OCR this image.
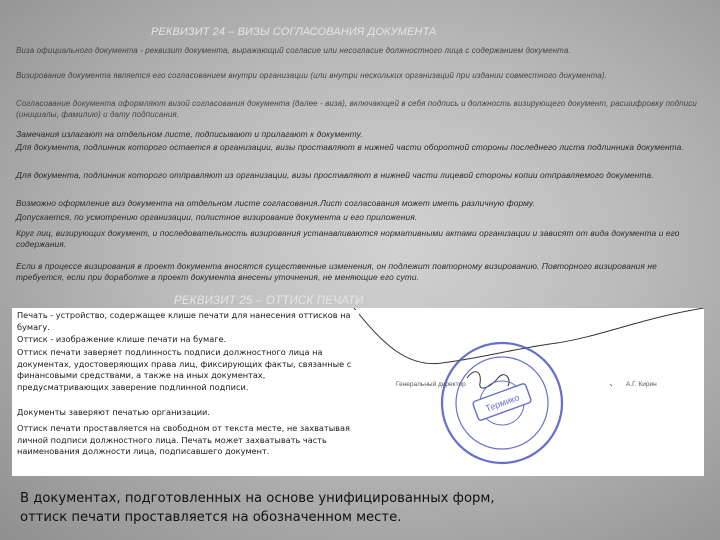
РЕКВИЗИТ 24 – ВИЗЫ СОГЛАСОВАНИЯ ДОКУМЕНТА
Виза официального документа - реквизит документа, выражающий согласие или несогласие должностного лица с содержанием документа.
Визирование документа является его согласованием внутри организации (или внутри нескольких организаций при издании совместного документа).
Согласование документа оформляют визой согласования документа (далее - виза), включающей в себя подпись и должность визирующего документ, расшифровку подписи (инициалы, фамилию) и дату подписания.
Замечания излагают на отдельном листе, подписывают и прилагают к документу.
Для документа, подлинник которого остается в организации, визы проставляют в нижней части оборотной стороны последнего листа подлинника документа.
Для документа, подлинник которого отправляют из организации, визы проставляют в нижней части лицевой стороны копии отправляемого документа.
Возможно оформление виз документа на отдельном листе согласования.Лист согласования может иметь различную форму.
Допускается, по усмотрению организации, полистное визирование документа и его приложения.
Круг лиц, визирующих документ, и последовательность визирования устанавливаются нормативными актами организации и зависят от вида документа и его содержания.
Если в процессе визирования в проект документа вносятся существенные изменения, он подлежит повторному визированию. Повторного визирования не требуется, если при доработке в проект документа внесены уточнения, не меняющие его сути.
РЕКВИЗИТ 25 – ОТТИСК ПЕЧАТИ
Термико
Генеральный директор	А.Г. Кирин
Печать - устройство, содержащее клише печати для нанесения оттисков на бумагу.
Оттиск - изображение клише печати на бумаге.
Оттиск печати заверяет подлинность подписи должностного лица на документах, удостоверяющих права лиц, фиксирующих факты, связанные с финансовыми средствами, а также на иных документах, предусматривающих заверение подлинной подписи.
Документы заверяют печатью организации.
Оттиск печати проставляется на свободном от текста месте, не захватывая личной подписи должностного лица. Печать может захватывать часть наименования должности лица, подписавшего документ.
В документах, подготовленных на основе унифицированных форм,
оттиск печати проставляется на обозначенном месте.
